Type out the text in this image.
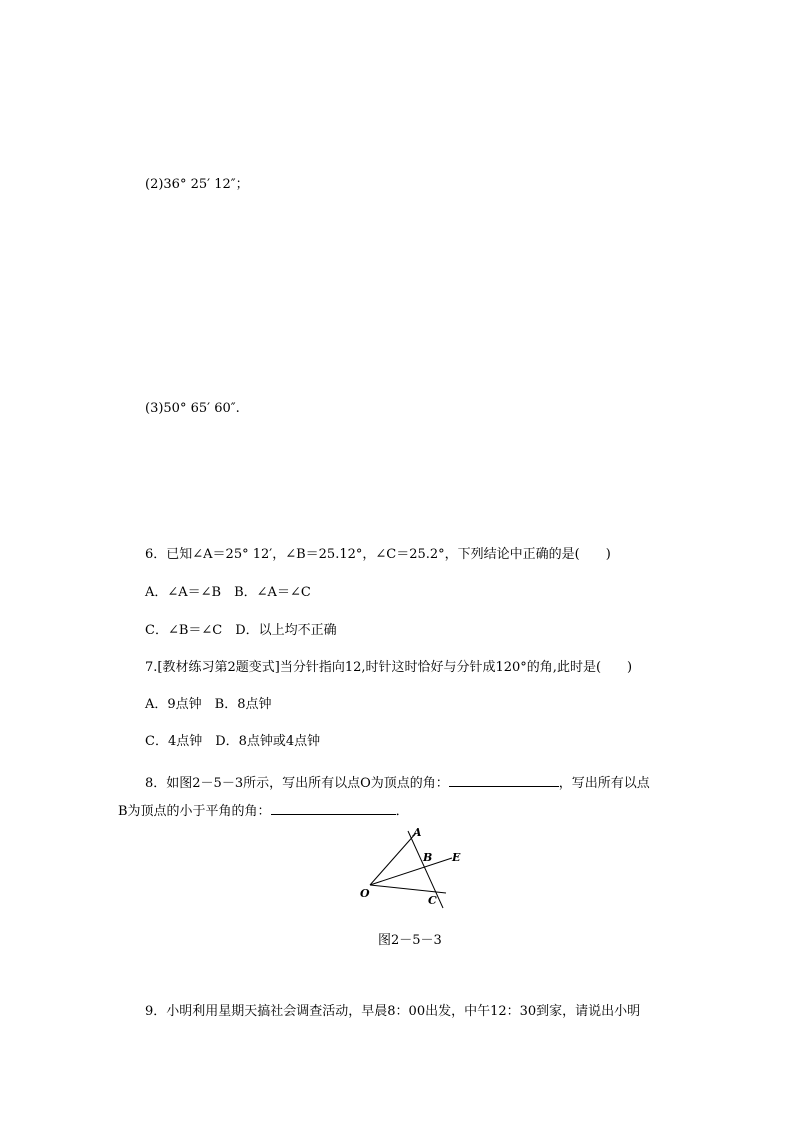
(2)36° 25′ 12″；
(3)50° 65′ 60″.
6．已知∠A＝25° 12′，∠B＝25.12°，∠C＝25.2°，下列结论中正确的是(　　)
A．∠A＝∠B　B．∠A＝∠C
C．∠B＝∠C　D．以上均不正确
7.[教材练习第2题变式]当分针指向12,时针这时恰好与分针成120°的角,此时是(　　)
A．9点钟　B．8点钟
C．4点钟　D．8点钟或4点钟
8．如图2－5－3所示，写出所有以点O为顶点的角：	，写出所有以点
B为顶点的小于平角的角：	．
A
B E
O
C
图2－5－3
9．小明利用星期天搞社会调查活动，早晨8：00出发，中午12：30到家，请说出小明
